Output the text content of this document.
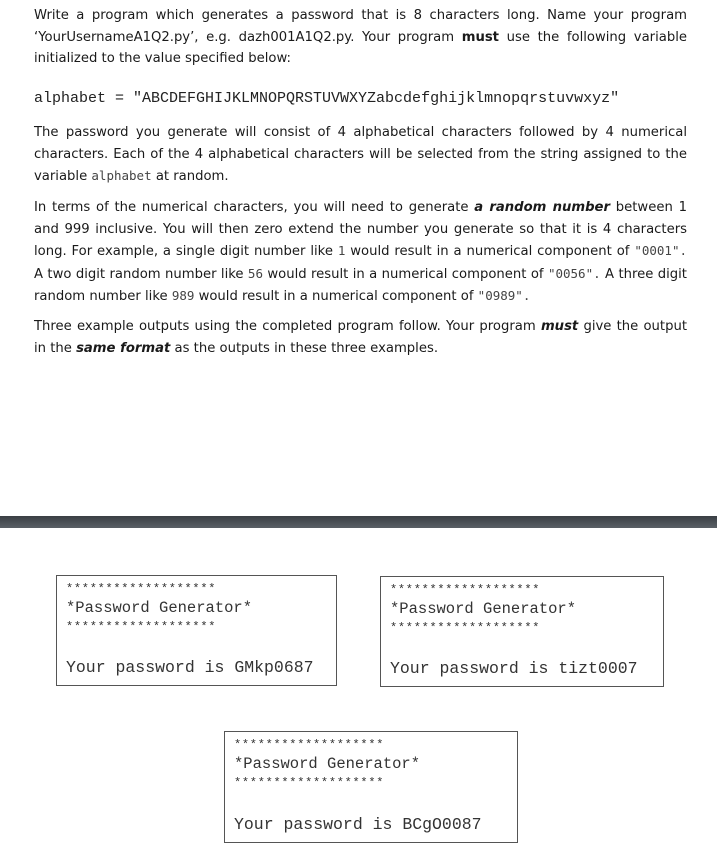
Write a program which generates a password that is 8 characters long. Name your program ‘YourUsernameA1Q2.py’, e.g. dazh001A1Q2.py. Your program must use the following variable initialized to the value specified below:

alphabet = "ABCDEFGHIJKLMNOPQRSTUVWXYZabcdefghijklmnopqrstuvwxyz"

The password you generate will consist of 4 alphabetical characters followed by 4 numerical characters. Each of the 4 alphabetical characters will be selected from the string assigned to the variable alphabet at random.

In terms of the numerical characters, you will need to generate a random number between 1 and 999 inclusive. You will then zero extend the number you generate so that it is 4 characters long. For example, a single digit number like 1 would result in a numerical component of "0001". A two digit random number like 56 would result in a numerical component of "0056". A three digit random number like 989 would result in a numerical component of "0989".

Three example outputs using the completed program follow. Your program must give the output in the same format as the outputs in these three examples.

*******************
*Password Generator*
*******************
Your password is GMkp0687
*******************
*Password Generator*
*******************
Your password is tizt0007
*******************
*Password Generator*
*******************
Your password is BCgO0087
